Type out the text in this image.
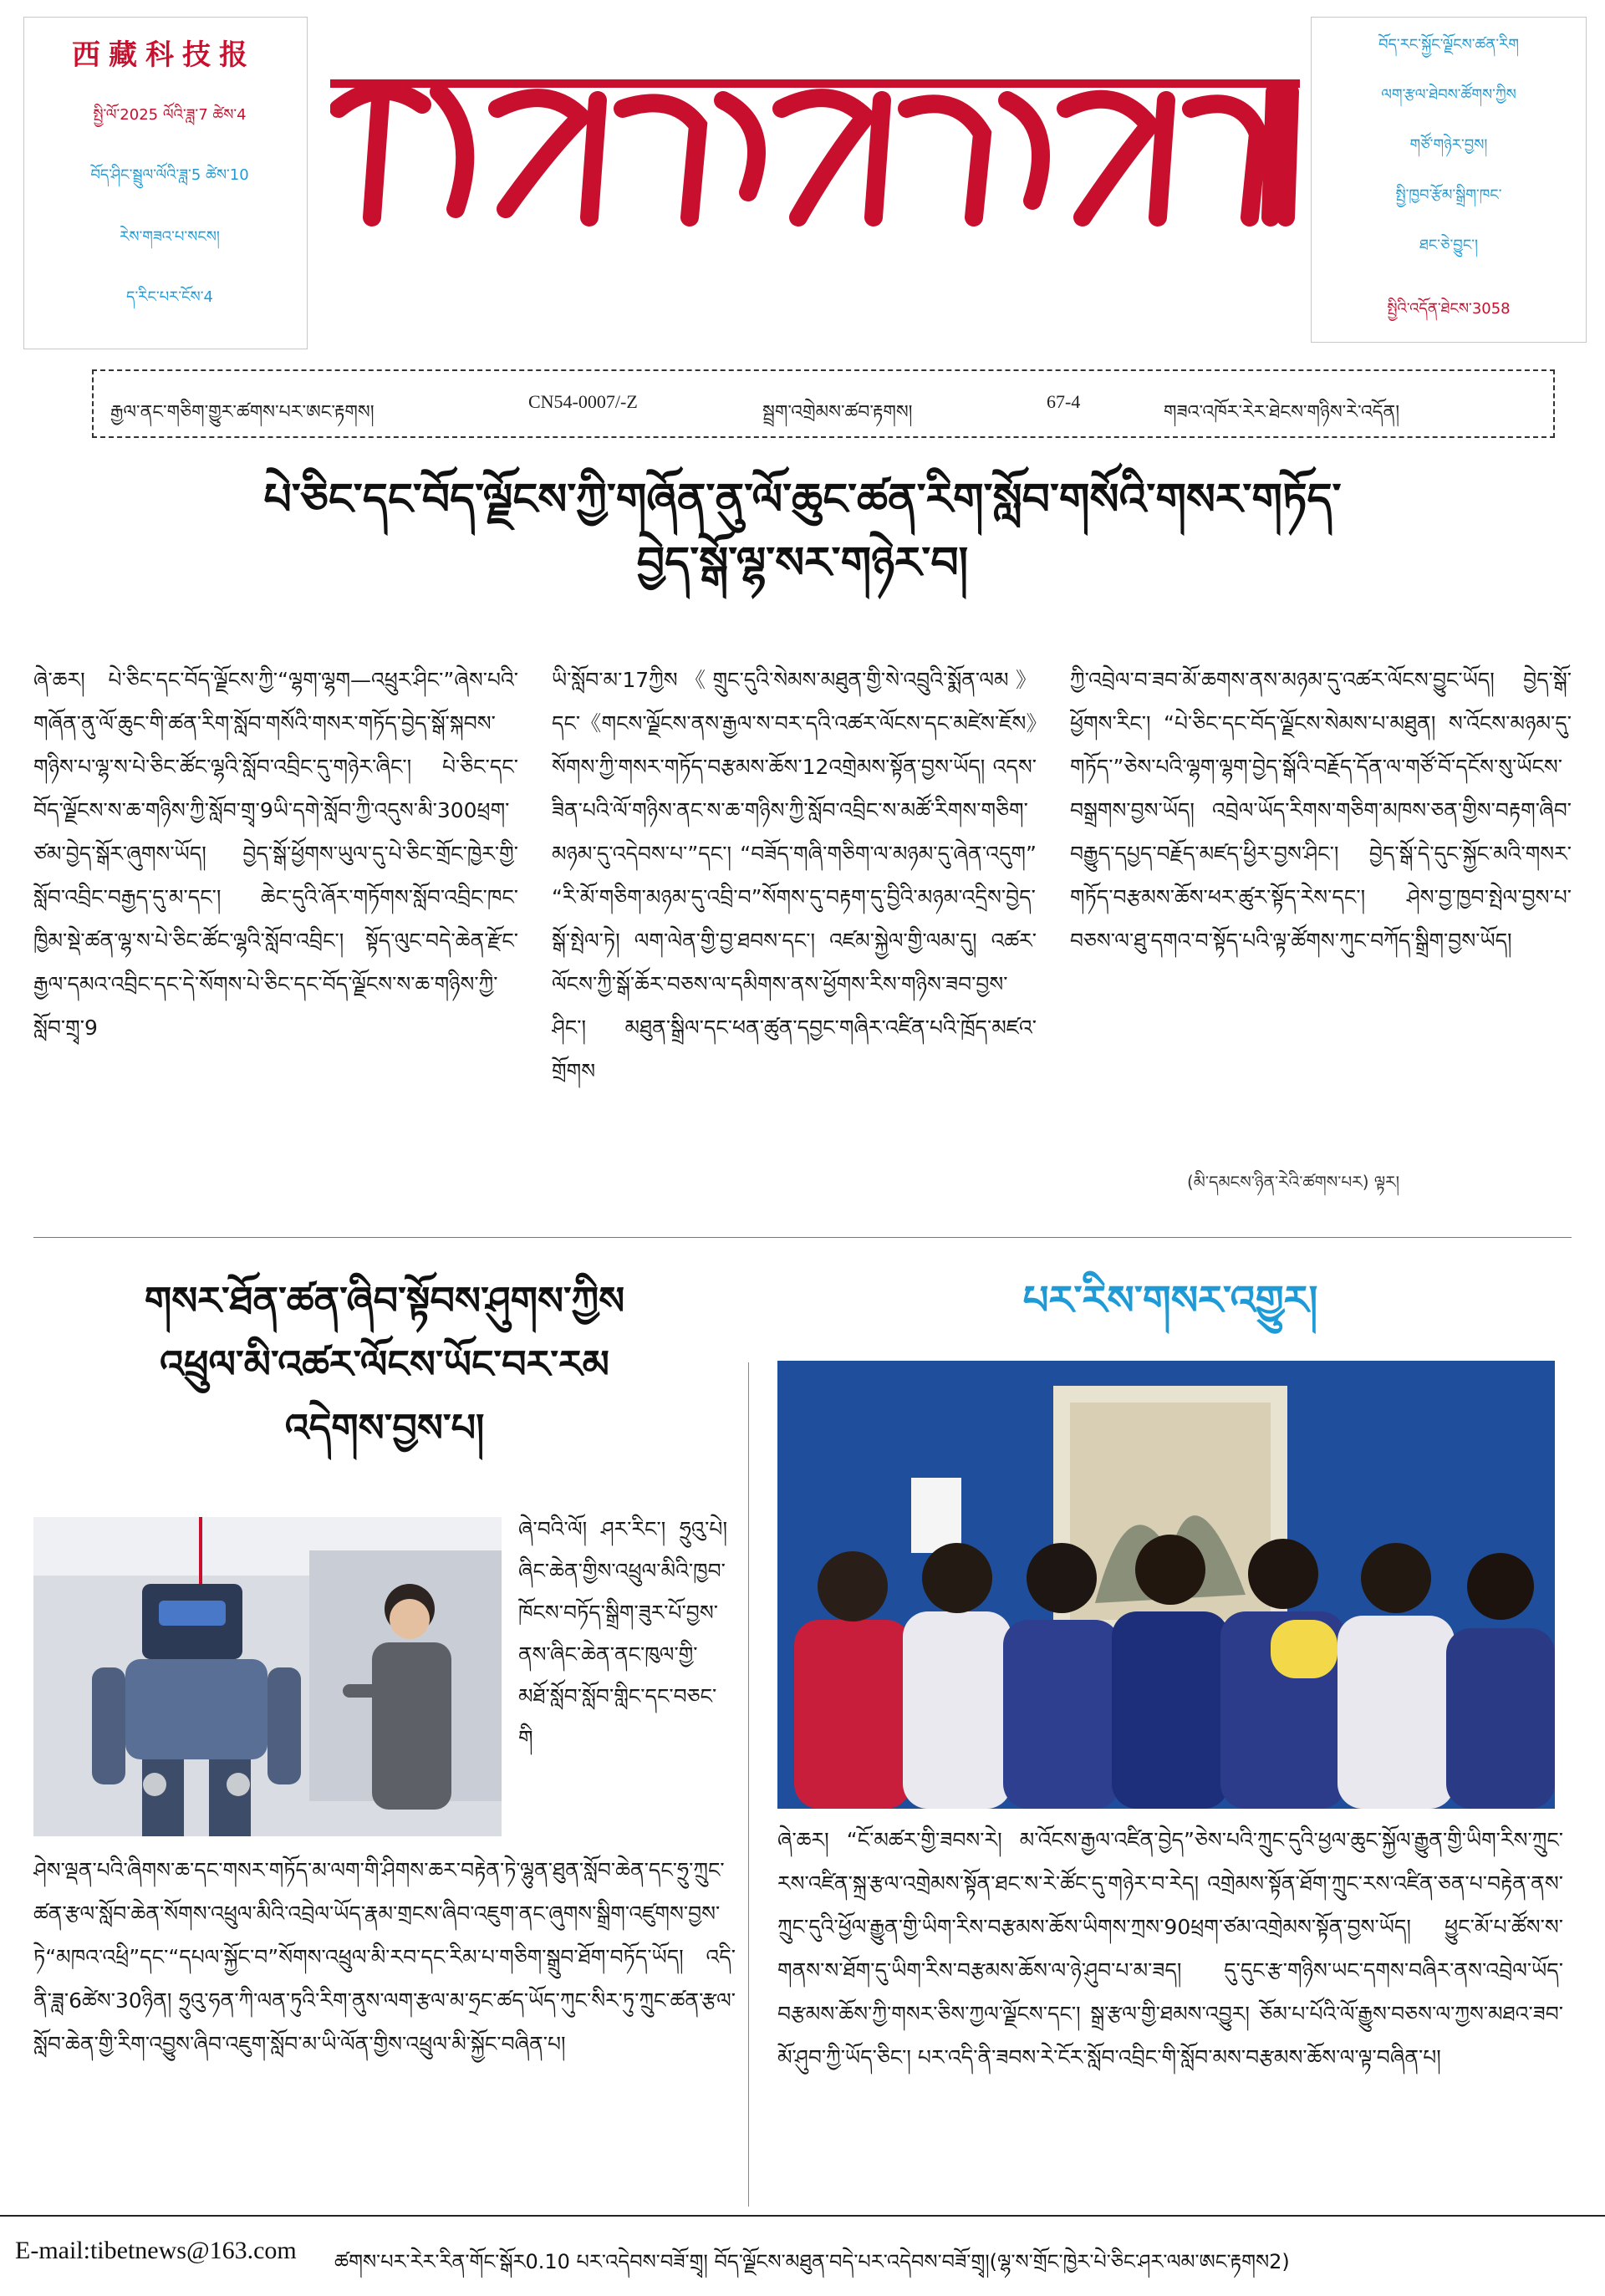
西藏科技报
སྤྱི་ལོ་2025 ལོའི་ཟླ་7 ཚེས་4
བོད་ཤིང་སྦྲུལ་ལོའི་ཟླ་5 ཚེས་10
རེས་གཟའ་པ་སངས།
ད་རིང་པར་ངོས་4
བོད་རང་སྐྱོང་ལྗོངས་ཚན་རིག
ལག་རྩལ་ཐེབས་ཚོགས་ཀྱིས
གཙོ་གཉེར་བྱས།
སྤྱི་ཁྱབ་རྩོམ་སྒྲིག་ཁང་
ཐང་ཅེ་བྱུང་།
སྤྱིའི་འདོན་ཐེངས་3058
རྒྱལ་ནང་གཅིག་གྱུར་ཚགས་པར་ཨང་རྟགས།
CN54-0007/-Z
སྦྲག་འགྲེམས་ཚབ་རྟགས།
67-4
གཟའ་འཁོར་རེར་ཐེངས་གཉིས་རེ་འདོན།
པེ་ཅིང་དང་བོད་ལྗོངས་ཀྱི་གཞོན་ནུ་ལོ་ཆུང་ཚན་རིག་སློབ་གསོའི་གསར་གཏོད་
བྱེད་སྒོ་ལྷ་སར་གཉེར་བ།
ཞེ་ཆར། པེ་ཅིང་དང་བོད་ལྗོངས་ཀྱི་“ལྷག་ལྷག—འཕྲུར་ཤིང་”ཞེས་པའི་གཞོན་ནུ་ལོ་ཆུང་གི་ཚན་རིག་སློབ་གསོའི་གསར་གཏོད་བྱེད་སྒོ་སྐབས་གཉིས་པ་ལྷ་ས་པེ་ཅིང་ཚོང་ལྷའི་སློབ་འབྲིང་དུ་གཉེར་ཞིང་། པེ་ཅིང་དང་བོད་ལྗོངས་ས་ཆ་གཉིས་ཀྱི་སློབ་གྲྭ་9ཡི་དགེ་སློབ་ཀྱི་འདུས་མི་300ཕྲག་ཙམ་བྱེད་སྒོར་ཞུགས་ཡོད། བྱེད་སྒོ་ཕྱོགས་ཡུལ་དུ་པེ་ཅིང་གྲོང་ཁྱེར་གྱི་སློབ་འབྲིང་བརྒྱད་དུ་མ་དང་། ཆེང་དུའི་ཞོར་གཏོགས་སློབ་འབྲིང་ཁང་ཁྱིམ་སྡེ་ཚན་ལྷ་ས་པེ་ཅིང་ཚོང་ལྷའི་སློབ་འབྲིང་། སྟོད་ལུང་བདེ་ཆེན་རྫོང་རྒྱལ་དམའ་འབྲིང་དང་དེ་སོགས་པེ་ཅིང་དང་བོད་ལྗོངས་ས་ཆ་གཉིས་ཀྱི་སློབ་གྲྭ་9
ཡི་སློབ་མ་17ཀྱིས《གྲུང་དུའི་སེམས་མཐུན་གྱི་སེ་འབྲུའི་སྨོན་ལམ》དང་《གངས་ལྗོངས་ནས་རྒྱལ་ས་བར་དའི་འཚར་ལོངས་དང་མཛེས་ཇོས》སོགས་ཀྱི་གསར་གཏོད་བརྩམས་ཆོས་12འགྲེམས་སྟོན་བྱས་ཡོད། འདས་ཟིན་པའི་ལོ་གཉིས་ནང་ས་ཆ་གཉིས་ཀྱི་སློབ་འབྲིང་ས་མཚོ་རིགས་གཅིག་མཉམ་དུ་འདེབས་པ་”དང་། “བཟོད་གཞི་གཅིག་ལ་མཉམ་དུ་ཞེན་འདུག” “རི་མོ་གཅིག་མཉམ་དུ་འབྲི་བ”སོགས་དུ་བརྟག་དུ་བྱིའི་མཉམ་འདྲིས་བྱེད་སྒོ་སྤེལ་ཏེ། ལག་ལེན་གྱི་བྱ་ཐབས་དང་། འཛམ་སྐྱེལ་གྱི་ལམ་དུ། འཚར་ལོངས་ཀྱི་སྒོ་ཆོར་བཅས་ལ་དམིགས་ནས་ཕྱོགས་རིས་གཉིས་ཟབ་བྱས་ཤིང་། མཐུན་སྒྲིལ་དང་ཕན་ཚུན་དབྱང་གཞིར་འཛིན་པའི་ཁྲོད་མཛའ་གྲོགས
ཀྱི་འབྲེལ་བ་ཟབ་མོ་ཆགས་ནས་མཉམ་དུ་འཚར་ལོངས་བྱུང་ཡོད། བྱེད་སྒོ་ཕྱོགས་རིང་། “པེ་ཅིང་དང་བོད་ལྗོངས་སེམས་པ་མཐུན། ས་འོངས་མཉམ་དུ་གཏོད་”ཅེས་པའི་ལྷག་ལྷག་བྱེད་སྒོའི་བརྗོད་དོན་ལ་གཙོ་བོ་དངོས་སུ་ཡོངས་བསྒྲགས་བྱས་ཡོད། འབྲེལ་ཡོད་རིགས་གཅིག་མཁས་ཅན་གྱིས་བརྟག་ཞིབ་བརྒྱུད་དཔྱད་བརྗོད་མཛད་ཕྱིར་བྱས་ཤིང་། བྱེད་སྒོ་དེ་དུང་སྐྱོང་མའི་གསར་གཏོད་བརྩམས་ཆོས་ཕར་ཚུར་སྟོད་རེས་དང་། ཤེས་བྱ་ཁྱབ་སྤེལ་བྱས་པ་བཅས་ལ་ཐུ་དགའ་བ་སྟོད་པའི་ལྟ་ཚོགས་ཀུང་བཀོད་སྒྲིག་བྱས་ཡོད།
(མི་དམངས་ཉིན་རེའི་ཚགས་པར) ལྟར།
གསར་ཐོན་ཚན་ཞིབ་སྟོབས་ཤུགས་ཀྱིས
འཕྲུལ་མི་འཚར་ལོངས་ཡོང་བར་རམ
འདེགས་བྱས་པ།
ཞེ་བའི་ལོ། ཤར་རིང་། ཧྲུའུ་པེ། ཞིང་ཆེན་གྱིས་འཕྲུལ་མིའི་ཁྱབ་ཁོངས་བཏོད་སྒྲིག་ཟུར་པོ་བྱས་ནས་ཞིང་ཆེན་ནང་ཁུལ་གྱི་མཐོ་སློབ་སློབ་གླིང་དང་བཅང་གི
ཤེས་ལྡན་པའི་ཞིགས་ཆ་དང་གསར་གཏོད་མ་ལག་གི་ཤིགས་ཆར་བརྟེན་ཏེ་ལྷུན་ཐུན་སློབ་ཆེན་དང་ཧྲུ་ཀྲུང་ཚན་རྩལ་སློབ་ཆེན་སོགས་འཕྲུལ་མིའི་འབྲེལ་ཡོད་རྣམ་གྲངས་ཞིབ་འཇུག་ནང་ཞུགས་སྒྲིག་འཛུགས་བྱས་ཏེ“མཁའ་འཕྲི”དང་“དཔལ་སྐྱོང་བ”སོགས་འཕྲུལ་མི་རབ་དང་རིམ་པ་གཅིག་སྒྲུབ་ཐོག་བཏོད་ཡོད། འདི་ནི་ཟླ་6ཚེས་30ཉིན། ཧྲུའུ་ཧན་ཀི་ལན་ཏུའི་རིག་ནུས་ལག་རྩལ་མ་ཧྲང་ཚད་ཡོད་ཀུང་སིར་ཏུ་ཀྲུང་ཚན་རྩལ་སློབ་ཆེན་གྱི་རིག་འབྱུས་ཞིབ་འཇུག་སློབ་མ་ཡི་ལོན་གྱིས་འཕྲུལ་མི་སྐྱོང་བཞིན་པ།
པར་རིས་གསར་འགྱུར།
ཞེ་ཆར། “ངོ་མཚར་གྱི་ཟབས་རེ། མ་འོངས་རྒྱལ་འཛིན་བྱེད”ཅེས་པའི་ཀྲུང་དུའི་ཕྱལ་ཆུང་སྐྱོལ་རྒྱུན་གྱི་ཡིག་རིས་ཀྲུང་རས་འཛིན་སྐྲ་རྩལ་འགྲེམས་སྟོན་ཐང་ས་རེ་ཚོང་དུ་གཉེར་བ་རེད། འགྲེམས་སྟོན་ཐོག་ཀྲུང་རས་འཛིན་ཅན་པ་བརྟེན་ནས་ཀྲུང་དུའི་ཕྱོལ་རྒྱུན་གྱི་ཡིག་རིས་བརྩམས་ཆོས་ཡིགས་ཀྲས་90ཕྲག་ཙམ་འགྲེམས་སྟོན་བྱས་ཡོད། ཕྱུང་མོ་པ་ཚོས་ས་གནས་ས་ཐོག་དུ་ཡིག་རིས་བརྩམས་ཆོས་ལ་ཉེ་ཤུབ་པ་མ་ཟད། དུ་དུང་རྩ་གཉིས་ཡང་དགས་བཞིར་ནས་འབྲེལ་ཡོད་བརྩམས་ཆོས་ཀྱི་གསར་ཅིས་ཀྱལ་ལྗོངས་དང་། སྒྲ་རྩལ་གྱི་ཐམས་འབྱུར། ཅོམ་པ་པོའི་ལོ་རྒྱུས་བཅས་ལ་ཀྱས་མཐའ་ཟབ་མོ་ཤུབ་ཀྱི་ཡོད་ཅིང་། པར་འདི་ནི་ཟབས་རེ་ངོར་སློབ་འབྲིང་གི་སློབ་མས་བརྩམས་ཆོས་ལ་ལྟ་བཞིན་པ།
E-mail:tibetnews@163.com ཚགས་པར་རེར་རིན་གོང་སྒོར0.10 པར་འདེབས་བཟོ་གྲྭ། བོད་ལྗོངས་མཐུན་བདེ་པར་འདེབས་བཟོ་གྲྭ།(ལྷ་ས་གྲོང་ཁྱེར་པེ་ཅིང་ཤར་ལམ་ཨང་རྟགས2)
